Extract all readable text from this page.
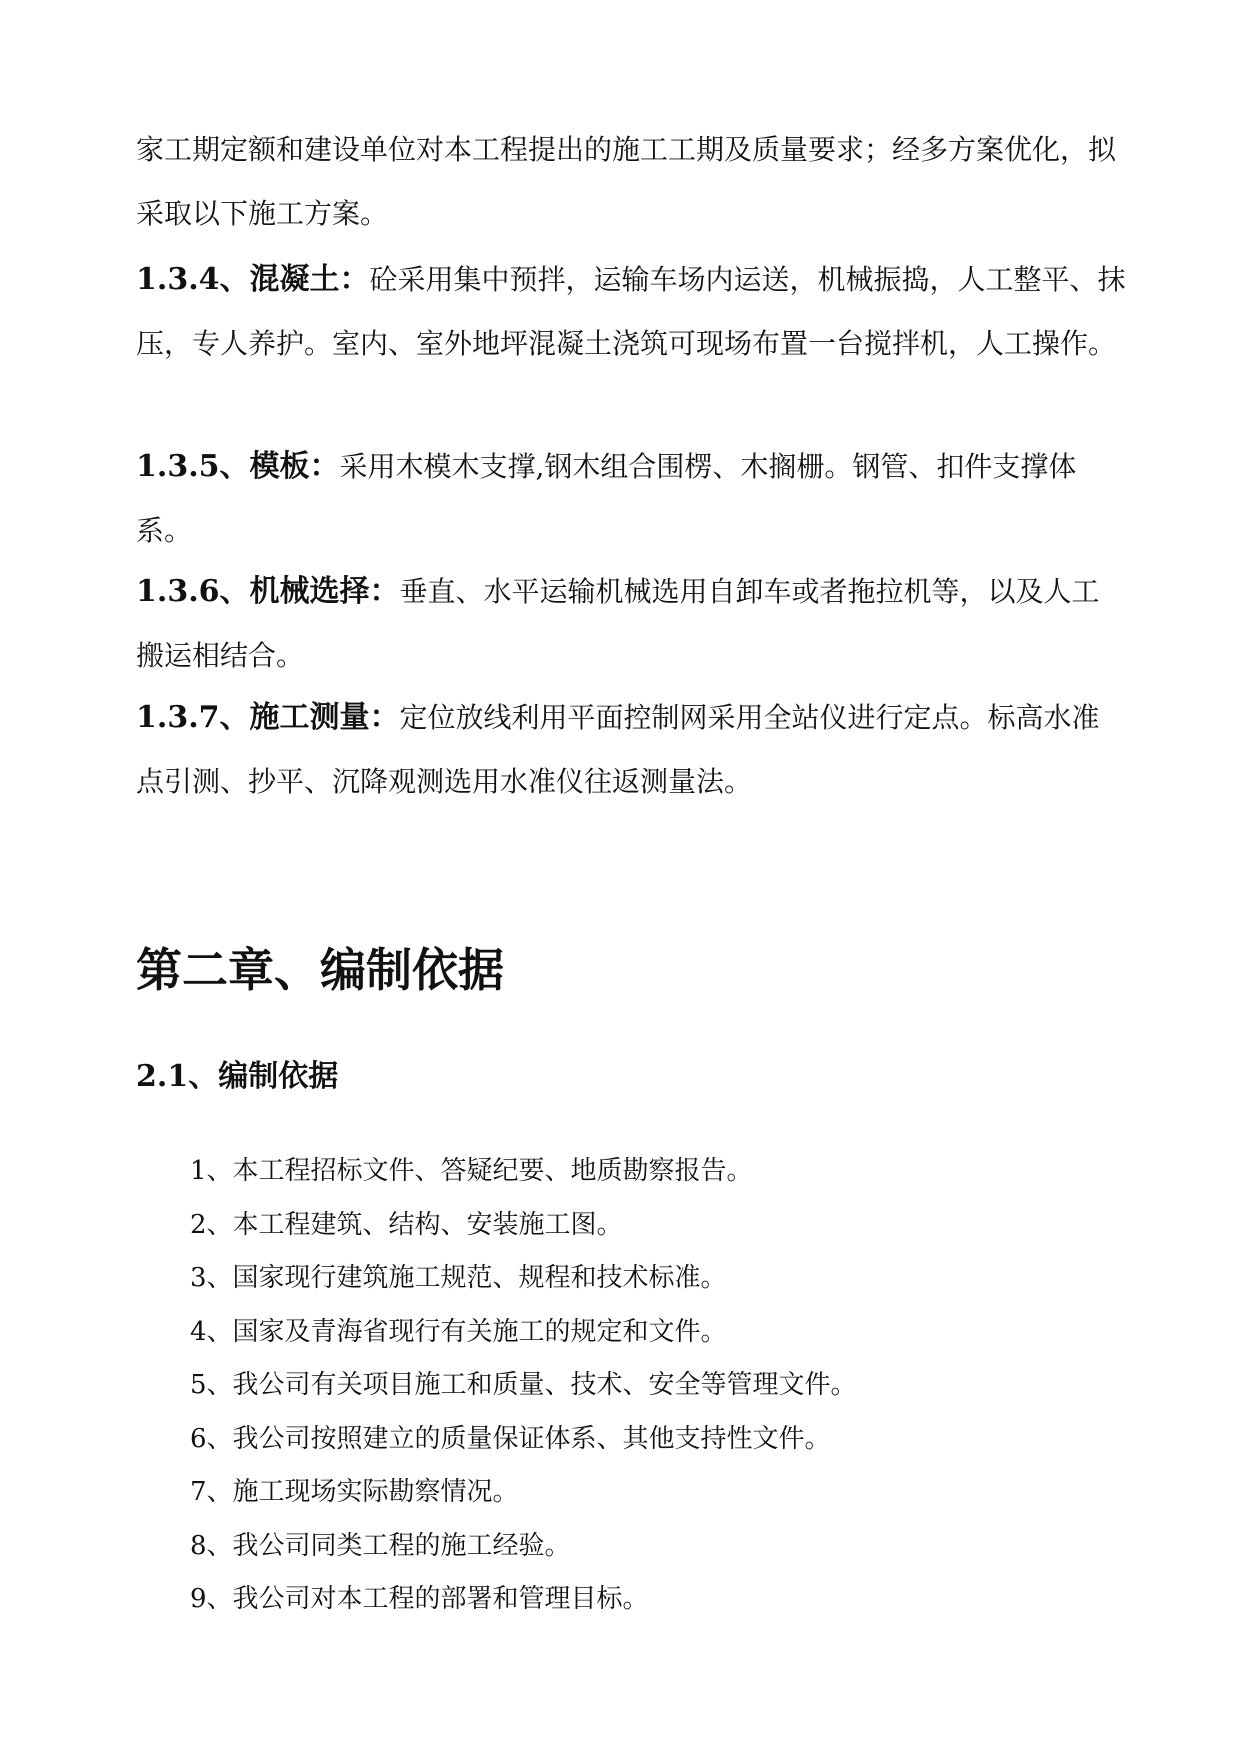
家工期定额和建设单位对本工程提出的施工工期及质量要求；经多方案优化，拟采取以下施工方案。

1.3.4、混凝土：砼采用集中预拌，运输车场内运送，机械振捣，人工整平、抹压，专人养护。室内、室外地坪混凝土浇筑可现场布置一台搅拌机，人工操作。

1.3.5、模板：采用木模木支撑,钢木组合围楞、木搁栅。钢管、扣件支撑体系。

1.3.6、机械选择：垂直、水平运输机械选用自卸车或者拖拉机等，以及人工搬运相结合。

1.3.7、施工测量：定位放线利用平面控制网采用全站仪进行定点。标高水准点引测、抄平、沉降观测选用水准仪往返测量法。

第二章、编制依据
2.1、编制依据
1、本工程招标文件、答疑纪要、地质勘察报告。
2、本工程建筑、结构、安装施工图。
3、国家现行建筑施工规范、规程和技术标准。
4、国家及青海省现行有关施工的规定和文件。
5、我公司有关项目施工和质量、技术、安全等管理文件。
6、我公司按照建立的质量保证体系、其他支持性文件。
7、施工现场实际勘察情况。
8、我公司同类工程的施工经验。
9、我公司对本工程的部署和管理目标。
